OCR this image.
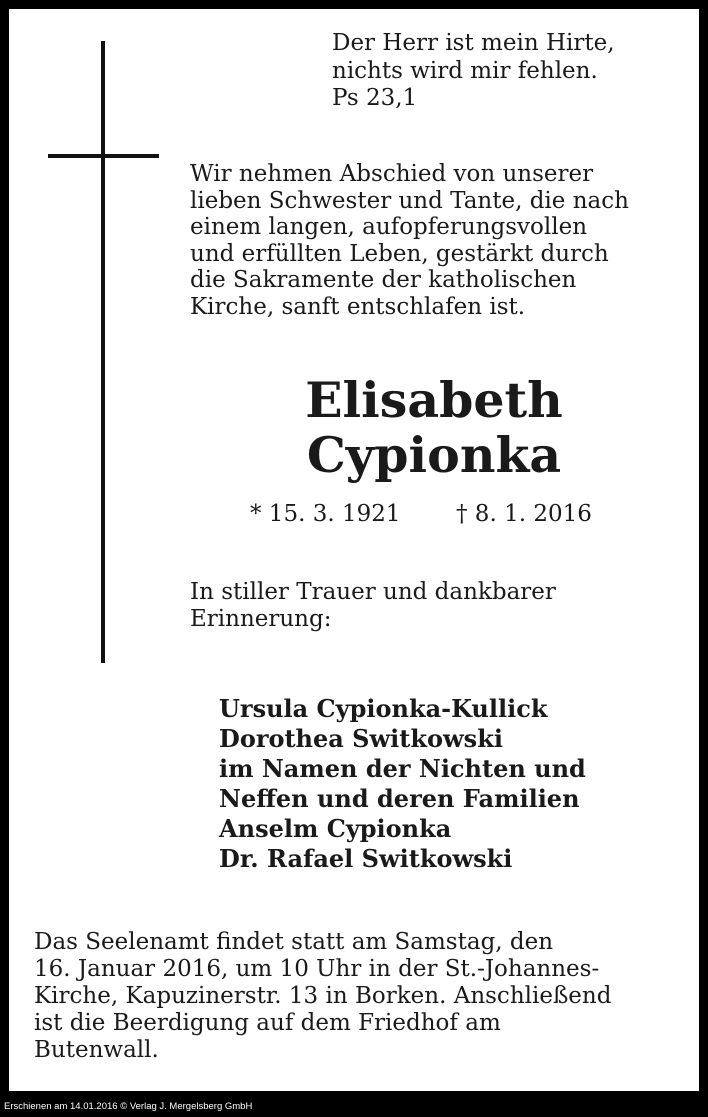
Der Herr ist mein Hirte,
nichts wird mir fehlen.
Ps 23,1
Wir nehmen Abschied von unserer
lieben Schwester und Tante, die nach
einem langen, aufopferungsvollen
und erfüllten Leben, gestärkt durch
die Sakramente der katholischen
Kirche, sanft entschlafen ist.
Elisabeth
Cypionka
* 15. 3. 1921 † 8. 1. 2016
In stiller Trauer und dankbarer
Erinnerung:
Ursula Cypionka-Kullick
Dorothea Switkowski
im Namen der Nichten und
Neffen und deren Familien
Anselm Cypionka
Dr. Rafael Switkowski
Das Seelenamt findet statt am Samstag, den
16. Januar 2016, um 10 Uhr in der St.-Johannes-
Kirche, Kapuzinerstr. 13 in Borken. Anschließend
ist die Beerdigung auf dem Friedhof am
Butenwall.
Erschienen am 14.01.2016 © Verlag J. Mergelsberg GmbH
